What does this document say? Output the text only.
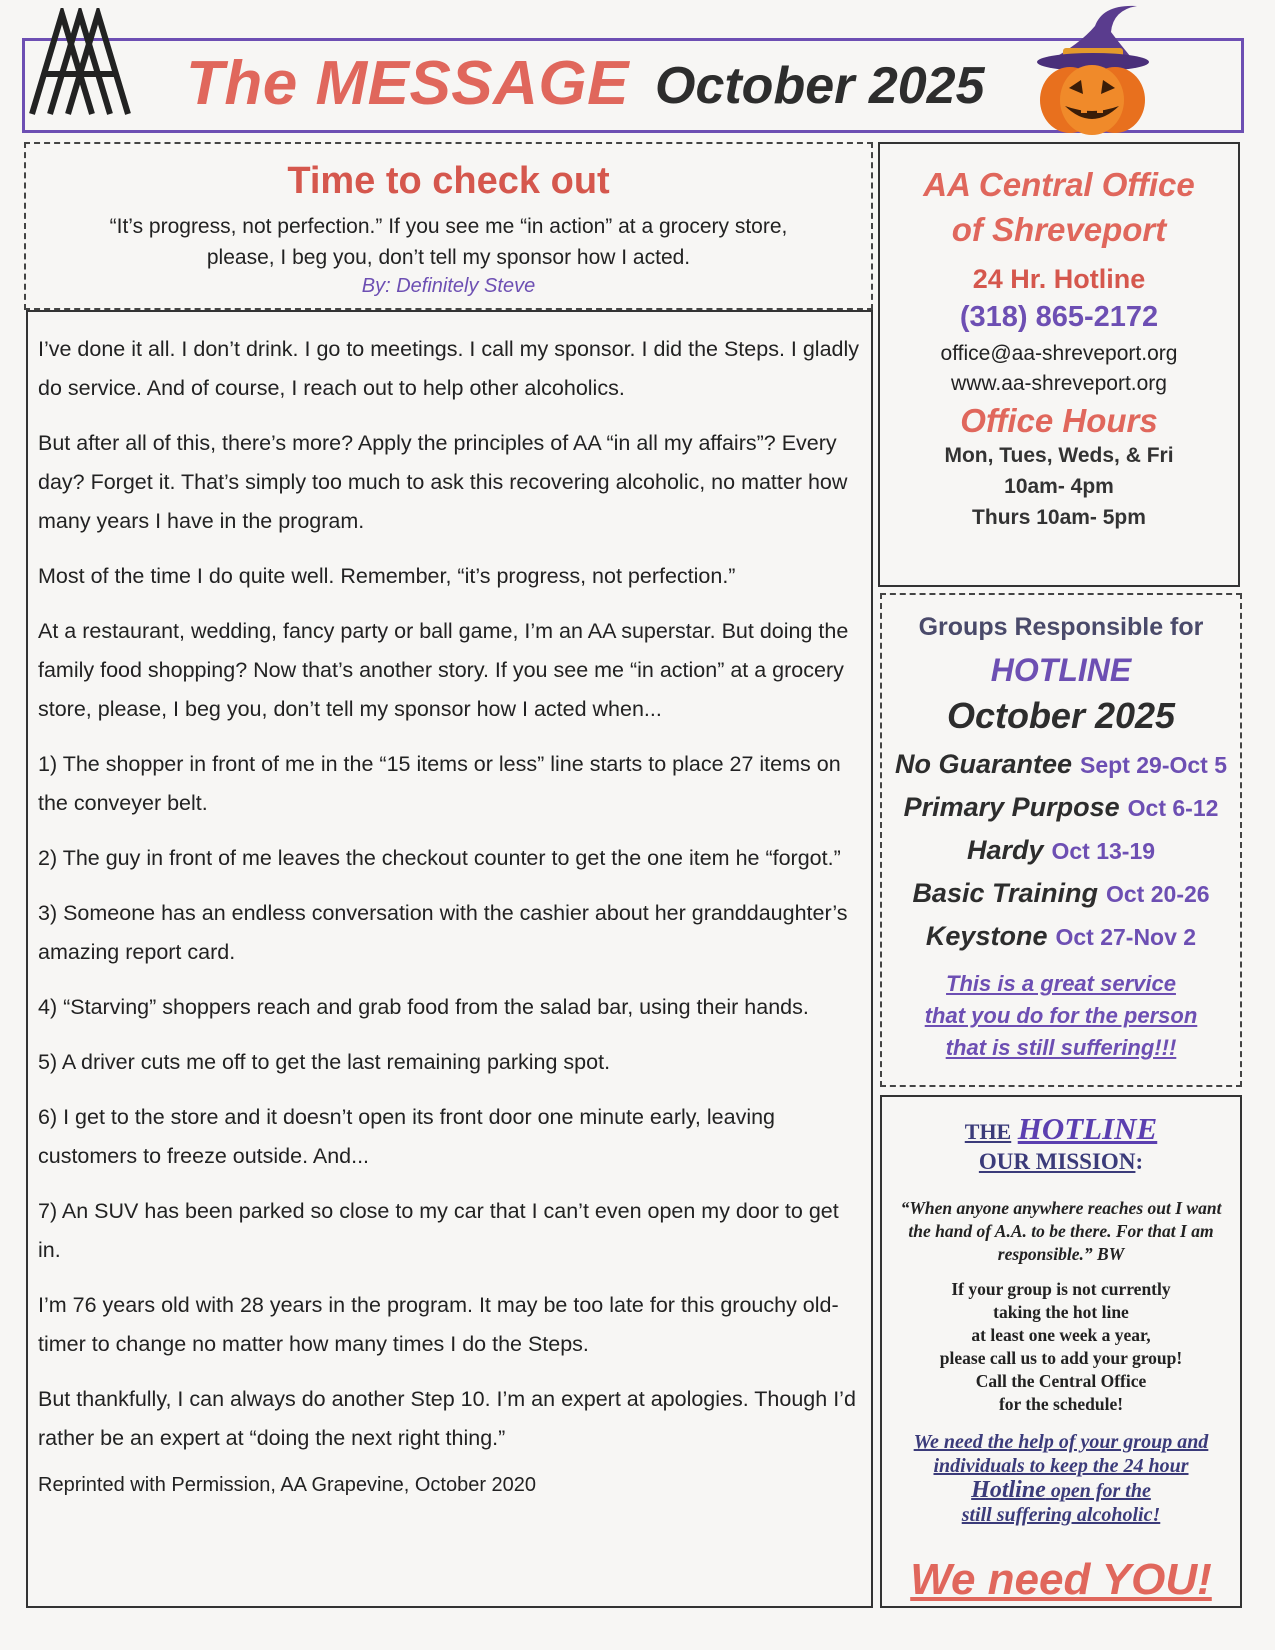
The MESSAGE October 2025
Time to check out
“It’s progress, not perfection.” If you see me “in action” at a grocery store, please, I beg you, don’t tell my sponsor how I acted.
By: Definitely Steve

I’ve done it all. I don’t drink. I go to meetings. I call my sponsor. I did the Steps. I gladly do service. And of course, I reach out to help other alcoholics.

But after all of this, there’s more? Apply the principles of AA “in all my affairs”? Every day? Forget it. That’s simply too much to ask this recovering alcoholic, no matter how many years I have in the program.

Most of the time I do quite well. Remember, “it’s progress, not perfection.”

At a restaurant, wedding, fancy party or ball game, I’m an AA superstar. But doing the family food shopping? Now that’s another story. If you see me “in action” at a grocery store, please, I beg you, don’t tell my sponsor how I acted when...

1) The shopper in front of me in the “15 items or less” line starts to place 27 items on the conveyer belt.

2) The guy in front of me leaves the checkout counter to get the one item he “forgot.”

3) Someone has an endless conversation with the cashier about her granddaughter’s amazing report card.

4) “Starving” shoppers reach and grab food from the salad bar, using their hands.

5) A driver cuts me off to get the last remaining parking spot.

6) I get to the store and it doesn’t open its front door one minute early, leaving customers to freeze outside. And...

7) An SUV has been parked so close to my car that I can’t even open my door to get in.

I’m 76 years old with 28 years in the program. It may be too late for this grouchy old-timer to change no matter how many times I do the Steps.

But thankfully, I can always do another Step 10. I’m an expert at apologies. Though I’d rather be an expert at “doing the next right thing.”

Reprinted with Permission, AA Grapevine, October 2020
AA Central Office
of Shreveport
24 Hr. Hotline
(318) 865-2172
office@aa-shreveport.org
www.aa-shreveport.org
Office Hours
Mon, Tues, Weds, & Fri
10am- 4pm
Thurs 10am- 5pm
Groups Responsible for
HOTLINE
October 2025
No Guarantee Sept 29-Oct 5
Primary Purpose Oct 6-12
Hardy Oct 13-19
Basic Training Oct 20-26
Keystone Oct 27-Nov 2
This is a great service
that you do for the person
that is still suffering!!!
THE HOTLINE
OUR MISSION:
“When anyone anywhere reaches out I want the hand of A.A. to be there. For that I am responsible.” BW
If your group is not currently
taking the hot line
at least one week a year,
please call us to add your group!
Call the Central Office
for the schedule!
We need the help of your group and
individuals to keep the 24 hour
Hotline open for the
still suffering alcoholic!
We need YOU!
